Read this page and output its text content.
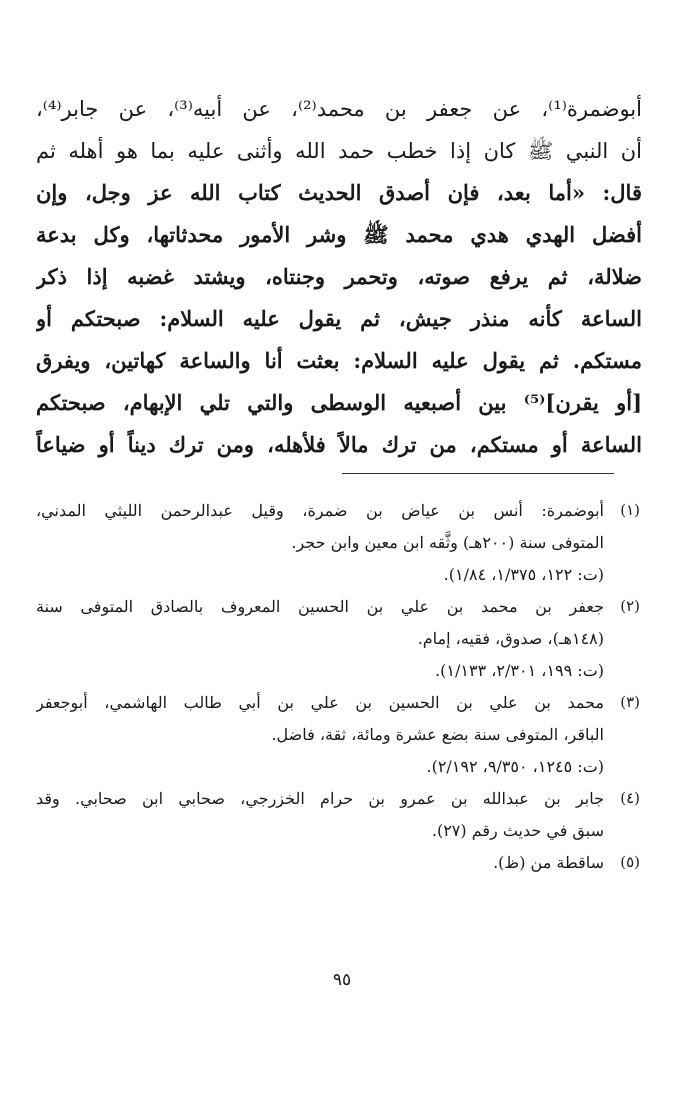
أبوضمرة⁽¹⁾، عن جعفر بن محمد⁽²⁾، عن أبيه⁽³⁾، عن جابر⁽⁴⁾،
أن النبي ﷺ كان إذا خطب حمد الله وأثنى عليه بما هو أهله ثم
قال: «أما بعد، فإن أصدق الحديث كتاب الله عز وجل، وإن
أفضل الهدي هدي محمد ﷺ وشر الأمور محدثاتها، وكل بدعة
ضلالة، ثم يرفع صوته، وتحمر وجنتاه، ويشتد غضبه إذا ذكر
الساعة كأنه منذر جيش، ثم يقول عليه السلام: صبحتكم أو
مستكم. ثم يقول عليه السلام: بعثت أنا والساعة كهاتين، ويفرق
[أو يقرن]⁽⁵⁾ بين أصبعيه الوسطى والتي تلي الإبهام، صبحتكم
الساعة أو مستكم، من ترك مالاً فلأهله، ومن ترك ديناً أو ضياعاً
(١)
أبوضمرة: أنس بن عياض بن ضمرة، وقيل عبدالرحمن الليثي المدني،
المتوفى سنة (٢٠٠هـ) وثَّقه ابن معين وابن حجر.
(ت: ١٢٢، ١/٣٧٥، ١/٨٤).
(٢)
جعفر بن محمد بن علي بن الحسين المعروف بالصادق المتوفى سنة
(١٤٨هـ)، صدوق، فقيه، إمام.
(ت: ١٩٩، ٢/٣٠١، ١/١٣٣).
(٣)
محمد بن علي بن الحسين بن علي بن أبي طالب الهاشمي، أبوجعفر
الباقر، المتوفى سنة بضع عشرة ومائة، ثقة، فاضل.
(ت: ١٢٤٥، ٩/٣٥٠، ٢/١٩٢).
(٤)
جابر بن عبدالله بن عمرو بن حرام الخزرجي، صحابي ابن صحابي. وقد
سبق في حديث رقم (٢٧).
(٥)
ساقطة من (ظ).
٩٥
